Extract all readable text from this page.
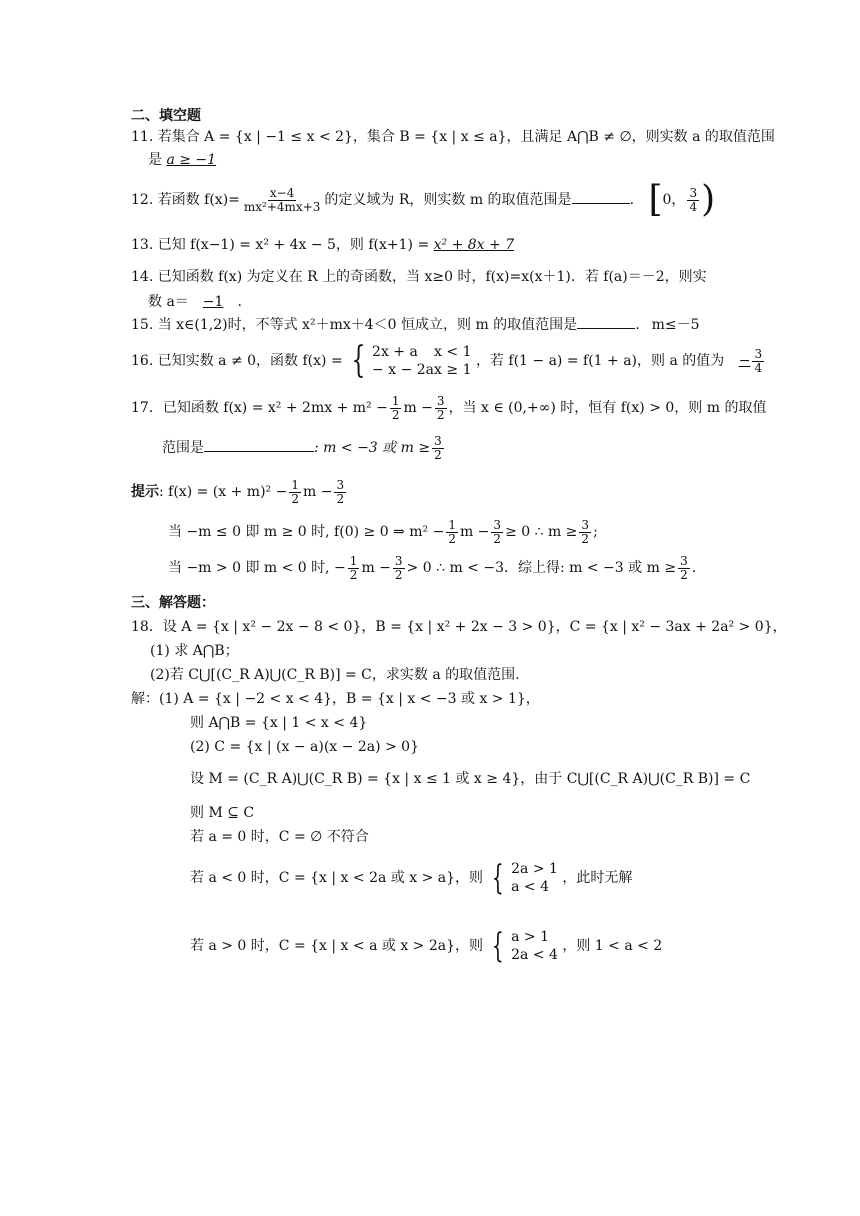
二、填空题
11. 若集合 A = {x | −1 ≤ x < 2}，集合 B = {x | x ≤ a}，且满足 A⋂B ≠ ∅，则实数 a 的取值范围
是 a ≥ −1
12. 若函数 $f(x)= \frac{x-4}{\text{mx²+4mx+3}}$ 的定义域为 R，则实数 m 的取值范围是	. [ 0， $\frac{3}{4}$ )
13. 已知 f(x−1) = x² + 4x − 5，则 f(x+1) = x² + 8x + 7
14. 已知函数 f(x) 为定义在 R 上的奇函数，当 x≥0 时，f(x)=x(x＋1)．若 f(a)＝－2，则实
数 a＝ −1 .
15. 当 x∈(1,2)时，不等式 x²＋mx＋4＜0 恒成立，则 m 的取值范围是	. m≤－5
16. 已知实数 a ≠ 0，函数 f(x) = { 2x + a x < 1
− x − 2ax ≥ 1
，若 f(1 − a) = f(1 + a)，则 a 的值为 − $\frac{3}{4}$
17．已知函数 $f(x) = x^2 + 2mx + m^2 - \frac{1}{2}$ $m - \frac{3}{2}$ ，当 x ∈ (0,+∞) 时，恒有 f(x) > 0，则 m 的取值
范围是	: m < −3 或 $m \ge \frac{3}{2}$
提示: $f(x) = (x + m)^2 - \frac{1}{2}$ $m - \frac{3}{2}$
当 −m ≤ 0 即 m ≥ 0 时, f(0) ≥ 0 ⇒ $m^2 - \frac{1}{2}$ $m - \frac{3}{2} \ge 0$ ∴ $m \ge \frac{3}{2}$ ;
当 −m > 0 即 m < 0 时, − $\frac{1}{2}$ $m - \frac{3}{2} > 0$ ∴ m < −3．综上得: m < −3 或 $m \ge \frac{3}{2}$ .
三、解答题：
18．设 A = {x | x² − 2x − 8 < 0}，B = {x | x² + 2x − 3 > 0}，C = {x | x² − 3ax + 2a² > 0}，
(1) 求 A⋂B；
(2)若 C⋃[(C_R A)⋃(C_R B)] = C，求实数 a 的取值范围.
解：(1) A = {x | −2 < x < 4}，B = {x | x < −3 或 x > 1}，
则 A⋂B = {x | 1 < x < 4}
(2) C = {x | (x − a)(x − 2a) > 0}
设 M = (C_R A)⋃(C_R B) = {x | x ≤ 1 或 x ≥ 4}，由于 C⋃[(C_R A)⋃(C_R B)] = C
则 M ⊆ C
若 a = 0 时，C = ∅ 不符合
若 a < 0 时，C = {x | x < 2a 或 x > a}，则 { 2a > 1
a < 4
，此时无解
若 a > 0 时，C = {x | x < a 或 x > 2a}，则 { a > 1
2a < 4
，则 1 < a < 2
